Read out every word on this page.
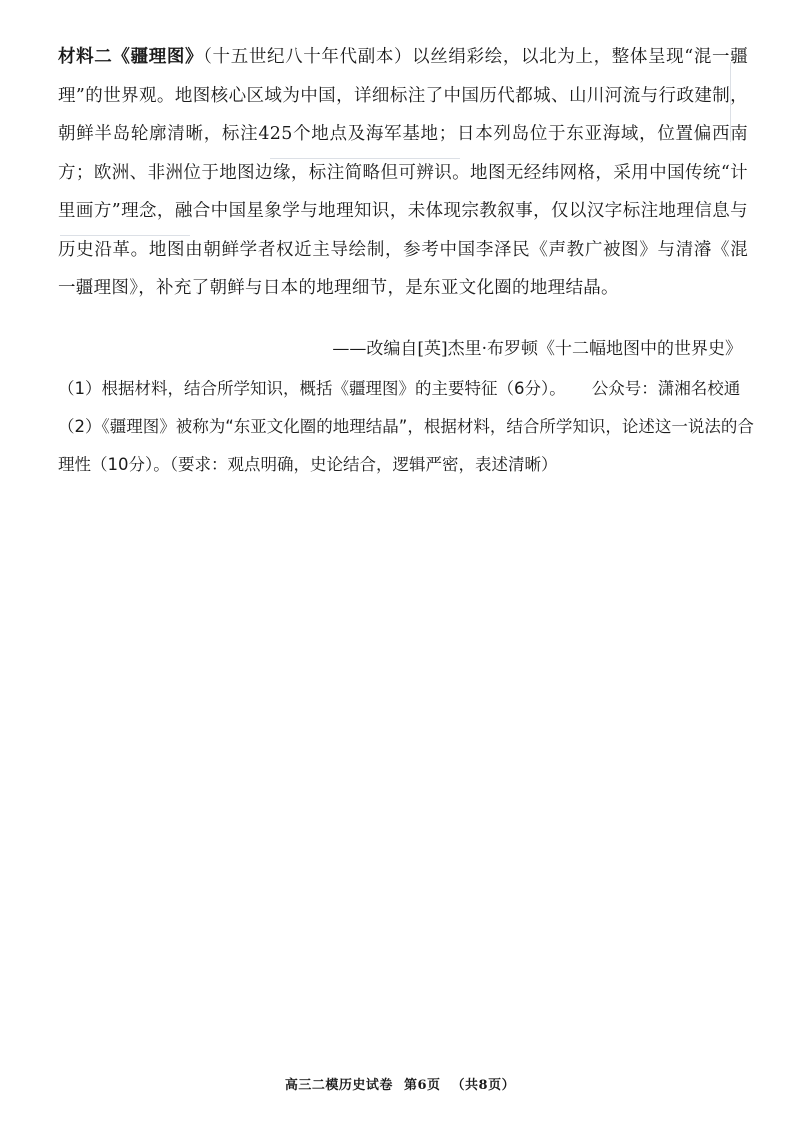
材料二《疆理图》（十五世纪八十年代副本）以丝绢彩绘，以北为上，整体呈现“混一疆理”的世界观。地图核心区域为中国，详细标注了中国历代都城、山川河流与行政建制，朝鲜半岛轮廓清晰，标注425个地点及海军基地；日本列岛位于东亚海域，位置偏西南方；欧洲、非洲位于地图边缘，标注简略但可辨识。地图无经纬网格，采用中国传统“计里画方”理念，融合中国星象学与地理知识，未体现宗教叙事，仅以汉字标注地理信息与历史沿革。地图由朝鲜学者权近主导绘制，参考中国李泽民《声教广被图》与清濬《混一疆理图》，补充了朝鲜与日本的地理细节，是东亚文化圈的地理结晶。

——改编自[英]杰里·布罗顿《十二幅地图中的世界史》

（1）根据材料，结合所学知识，概括《疆理图》的主要特征（6分）。 公众号：潇湘名校通

（2）《疆理图》被称为“东亚文化圈的地理结晶”，根据材料，结合所学知识，论述这一说法的合理性（10分）。（要求：观点明确，史论结合，逻辑严密，表述清晰）

高三二模历史试卷 第6页 （共8页）
